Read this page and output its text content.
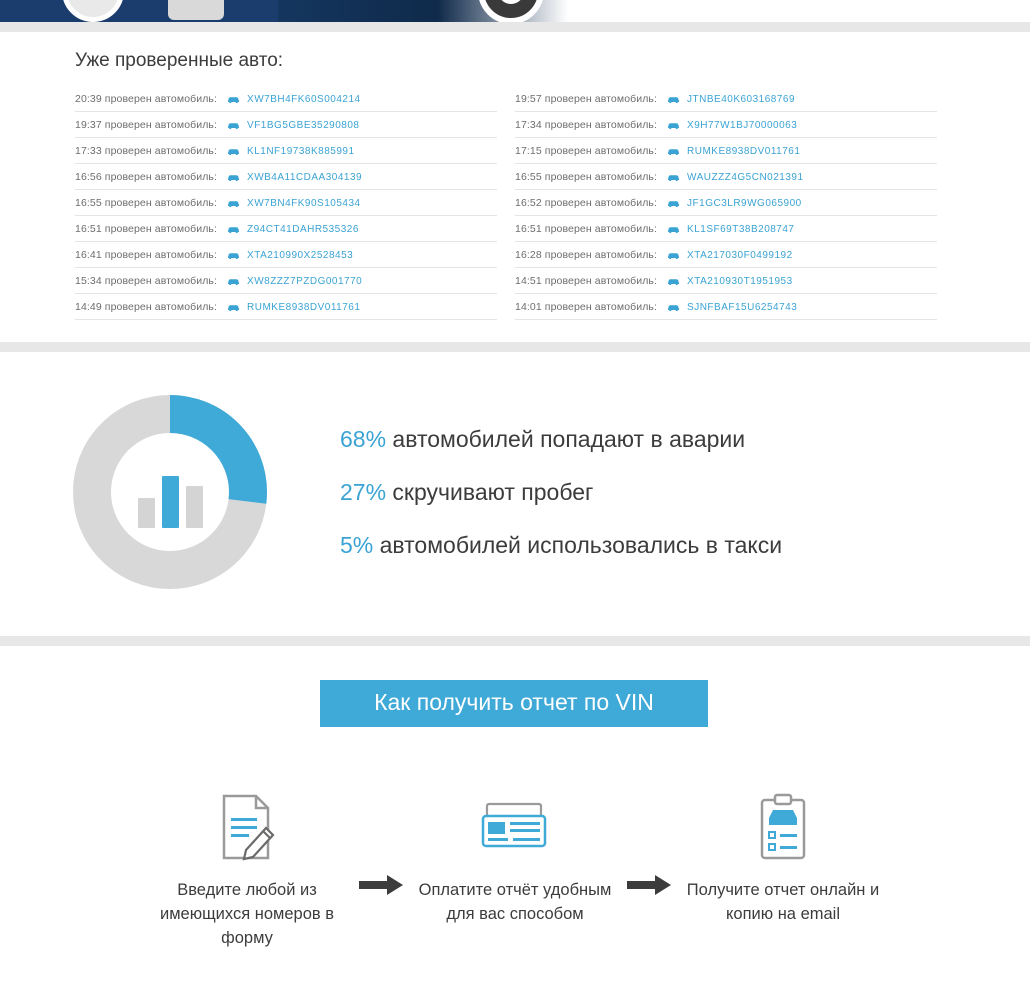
Уже проверенные авто:
20:39 проверен автомобиль:	XW7BH4FK60S004214
19:37 проверен автомобиль:	VF1BG5GBE35290808
17:33 проверен автомобиль:	KL1NF19738K885991
16:56 проверен автомобиль:	XWB4A11CDAA304139
16:55 проверен автомобиль:	XW7BN4FK90S105434
16:51 проверен автомобиль:	Z94CT41DAHR535326
16:41 проверен автомобиль:	XTA210990X2528453
15:34 проверен автомобиль:	XW8ZZZ7PZDG001770
14:49 проверен автомобиль:	RUMKE8938DV011761
19:57 проверен автомобиль:	JTNBE40K603168769
17:34 проверен автомобиль:	X9H77W1BJ70000063
17:15 проверен автомобиль:	RUMKE8938DV011761
16:55 проверен автомобиль:	WAUZZZ4G5CN021391
16:52 проверен автомобиль:	JF1GC3LR9WG065900
16:51 проверен автомобиль:	KL1SF69T38B208747
16:28 проверен автомобиль:	XTA217030F0499192
14:51 проверен автомобиль:	XTA210930T1951953
14:01 проверен автомобиль:	SJNFBAF15U6254743
68% автомобилей попадают в аварии
27% скручивают пробег
5% автомобилей использовались в такси
Как получить отчет по VIN
Введите любой из имеющихся номеров в форму
Оплатите отчёт удобным для вас способом
Получите отчет онлайн и копию на email
